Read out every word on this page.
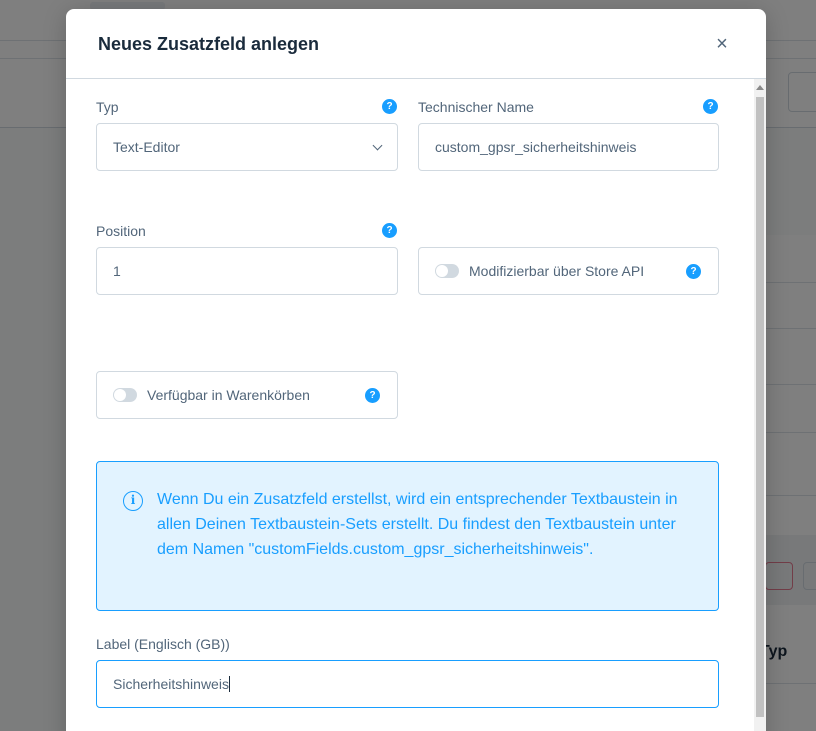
Neues Zusatzfeld anlegen	×
Typ	?
Text-Editor
Technischer Name	?
custom_gpsr_sicherheitshinweis
Position	?
1	Modifizierbar über Store API	?
Verfügbar in Warenkörben	?
i	Wenn Du ein Zusatzfeld erstellst, wird ein entsprechender Textbaustein in allen Deinen Textbaustein-Sets erstellt. Du findest den Textbaustein unter dem Namen "customFields.custom_gpsr_sicherheitshinweis".
Label (Englisch (GB))
Sicherheitshinweis
